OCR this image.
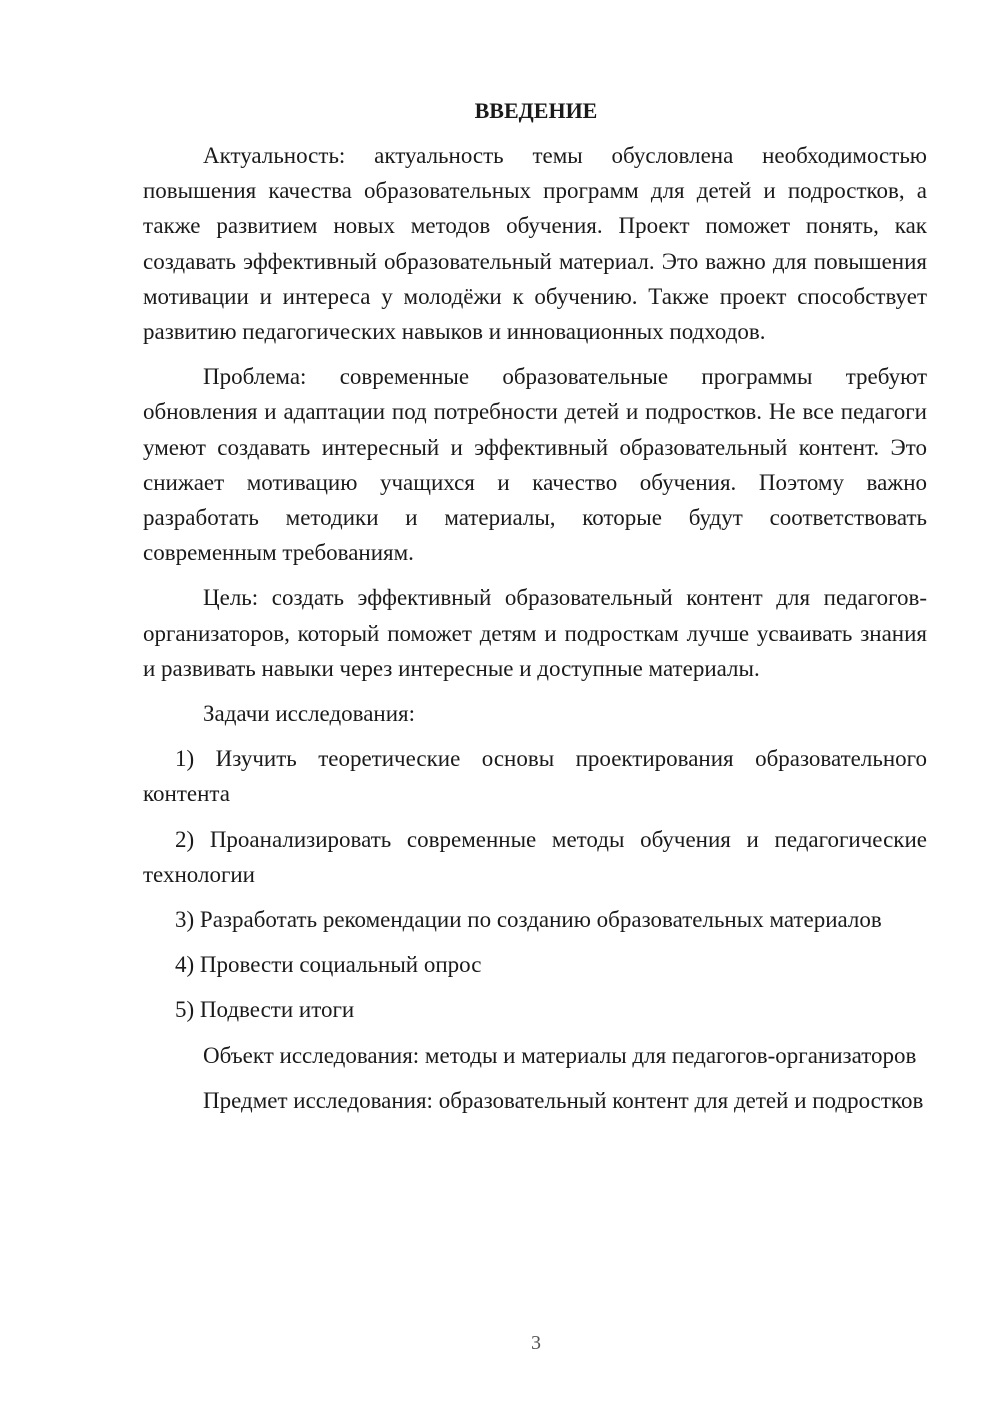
ВВЕДЕНИЕ

Актуальность: актуальность темы обусловлена необходимостью повышения качества образовательных программ для детей и подростков, а также развитием новых методов обучения. Проект поможет понять, как создавать эффективный образовательный материал. Это важно для повышения мотивации и интереса у молодёжи к обучению. Также проект способствует развитию педагогических навыков и инновационных подходов.

Проблема: современные образовательные программы требуют обновления и адаптации под потребности детей и подростков. Не все педагоги умеют создавать интересный и эффективный образовательный контент. Это снижает мотивацию учащихся и качество обучения. Поэтому важно разработать методики и материалы, которые будут соответствовать современным требованиям.

Цель: создать эффективный образовательный контент для педагогов-организаторов, который поможет детям и подросткам лучше усваивать знания и развивать навыки через интересные и доступные материалы.

Задачи исследования:

1) Изучить теоретические основы проектирования образовательного контента

2) Проанализировать современные методы обучения и педагогические технологии

3) Разработать рекомендации по созданию образовательных материалов

4) Провести социальный опрос

5) Подвести итоги

Объект исследования: методы и материалы для педагогов-организаторов

Предмет исследования: образовательный контент для детей и подростков

3
